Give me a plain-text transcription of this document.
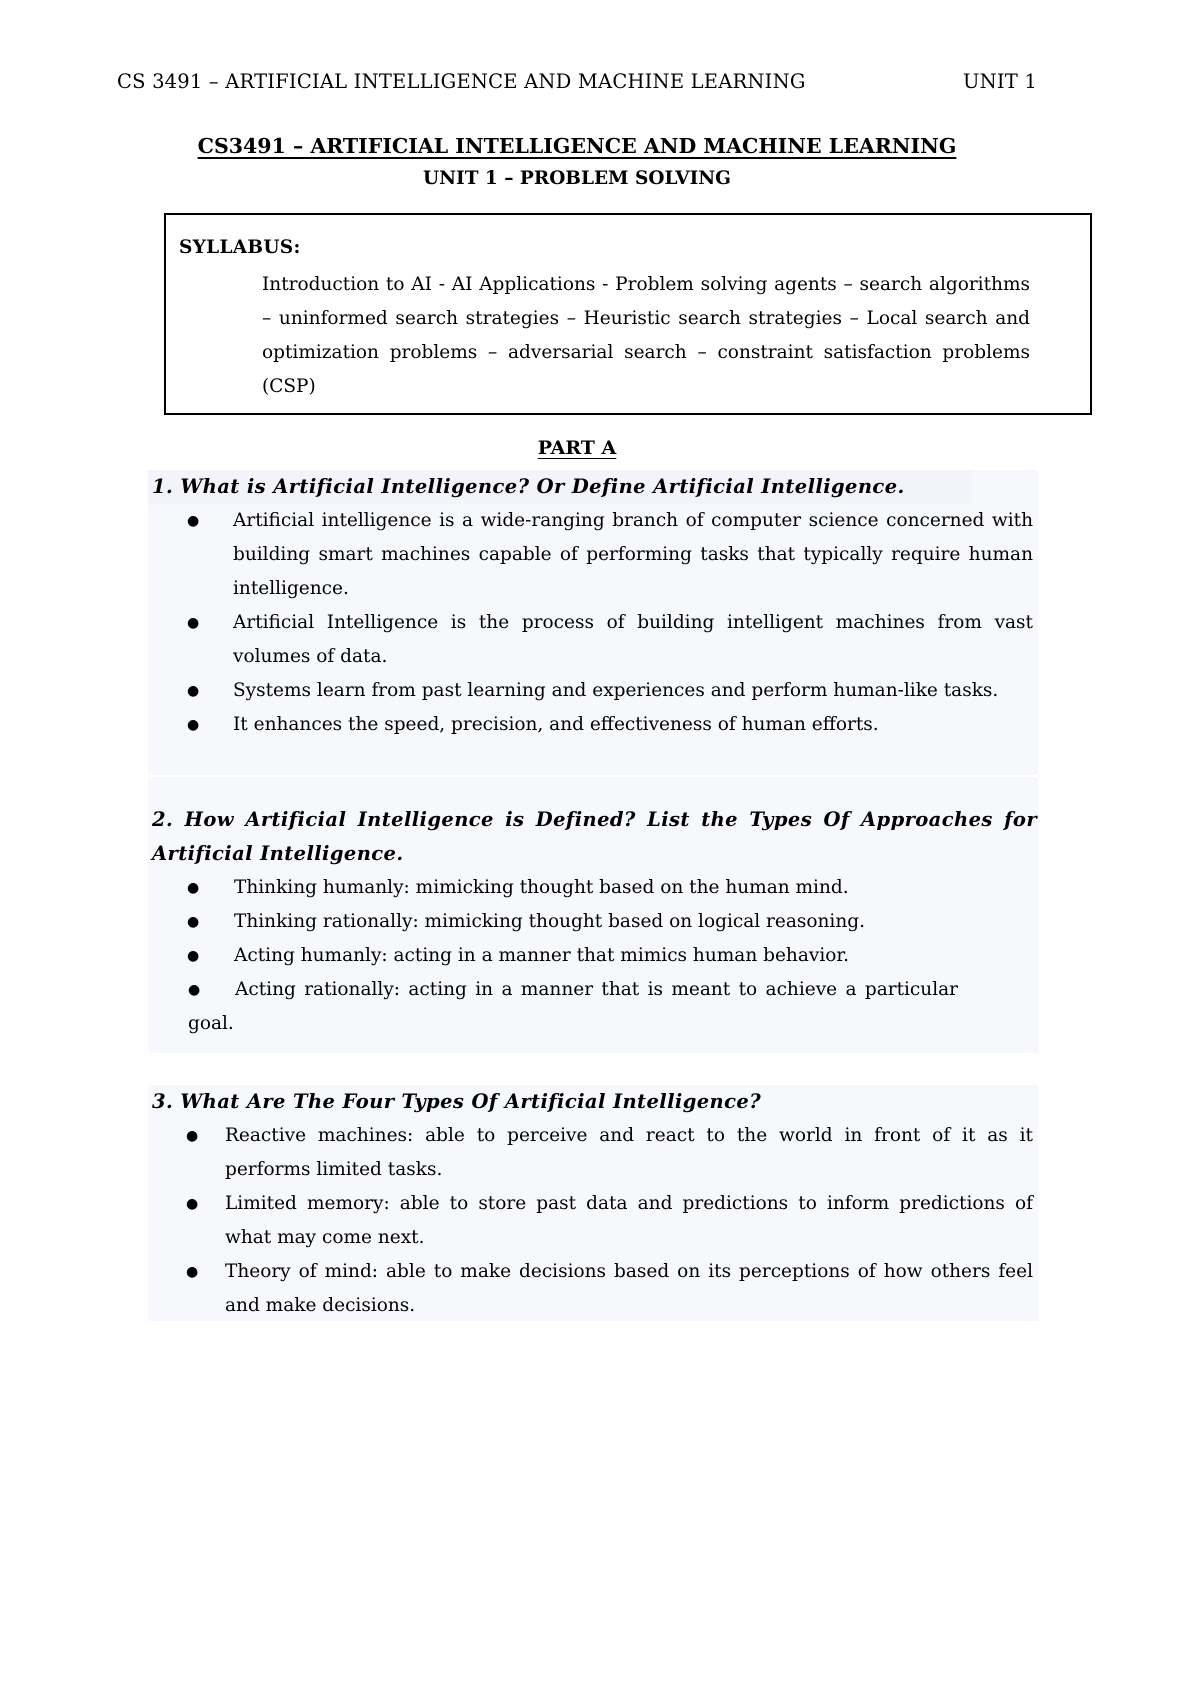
CS 3491 – ARTIFICIAL INTELLIGENCE AND MACHINE LEARNING	UNIT 1
CS3491 – ARTIFICIAL INTELLIGENCE AND MACHINE LEARNING
UNIT 1 – PROBLEM SOLVING
SYLLABUS:
Introduction to AI - AI Applications - Problem solving agents – search algorithms – uninformed search strategies – Heuristic search strategies – Local search and optimization problems – adversarial search – constraint satisfaction problems (CSP)
PART A
1. What is Artificial Intelligence? Or Define Artificial Intelligence.
● Artificial intelligence is a wide-ranging branch of computer science concerned with building smart machines capable of performing tasks that typically require human intelligence.
● Artificial Intelligence is the process of building intelligent machines from vast volumes of data.
● Systems learn from past learning and experiences and perform human-like tasks.
● It enhances the speed, precision, and effectiveness of human efforts.
2. How Artificial Intelligence is Defined? List the Types Of Approaches for Artificial Intelligence.
● Thinking humanly: mimicking thought based on the human mind.
● Thinking rationally: mimicking thought based on logical reasoning.
● Acting humanly: acting in a manner that mimics human behavior.
● Acting rationally: acting in a manner that is meant to achieve a particular goal.
3. What Are The Four Types Of Artificial Intelligence?
● Reactive machines: able to perceive and react to the world in front of it as it performs limited tasks.
● Limited memory: able to store past data and predictions to inform predictions of what may come next.
● Theory of mind: able to make decisions based on its perceptions of how others feel and make decisions.
